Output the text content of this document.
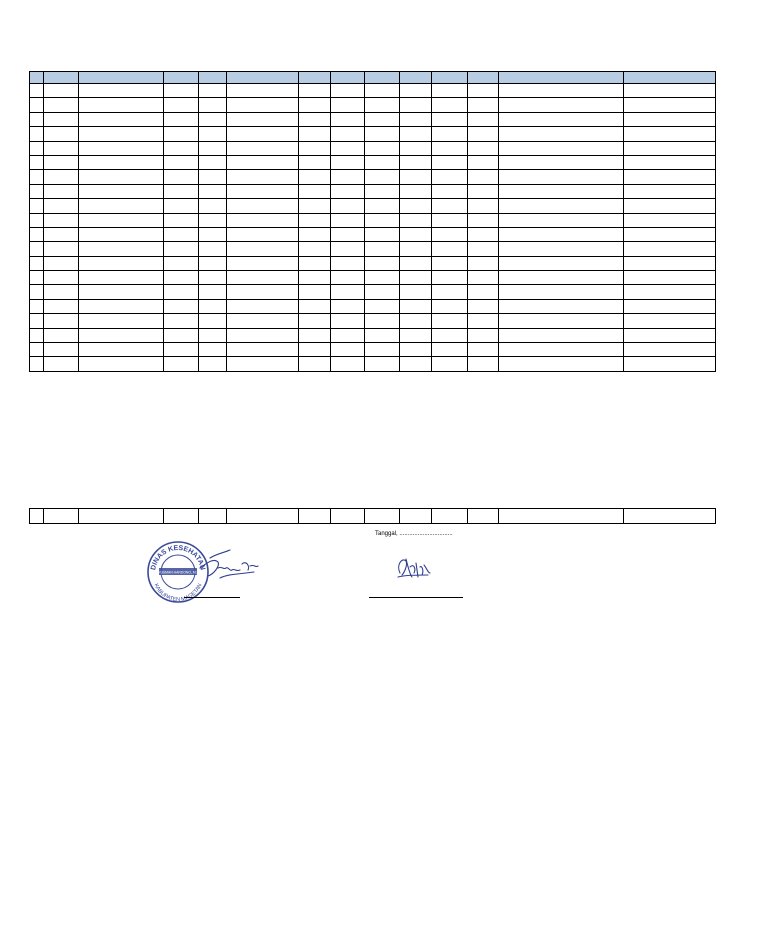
Tanggal, ................................
DINAS KESEHATAN
KABUPATEN MAGETAN
dr. YUSMAN HARDONO, M.Kes
